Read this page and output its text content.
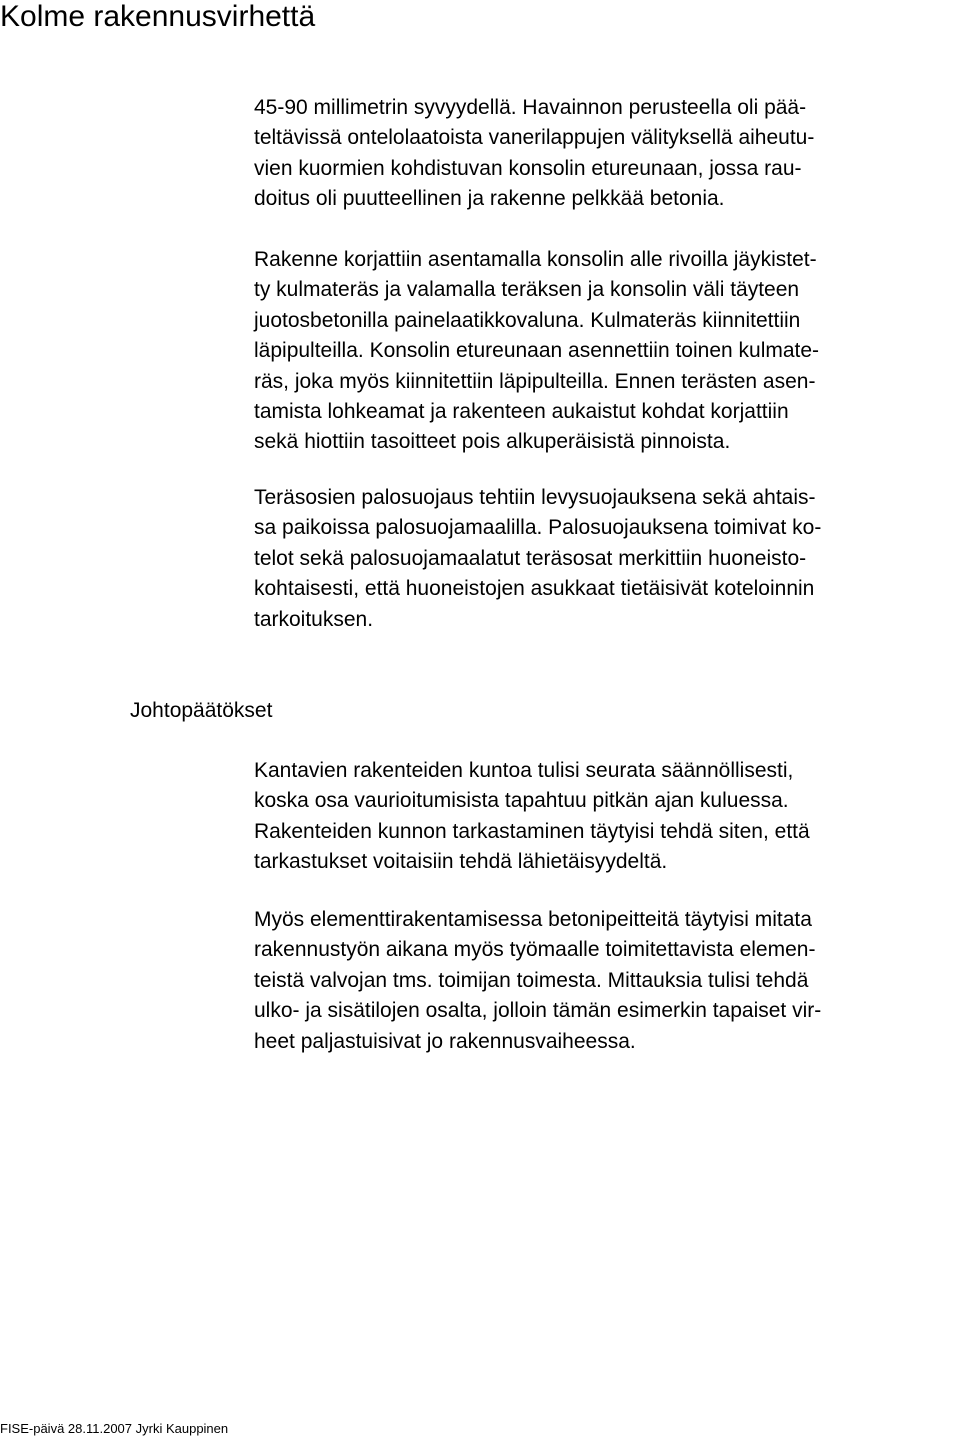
Kolme rakennusvirhettä

45-90 millimetrin syvyydellä. Havainnon perusteella oli pää-
teltävissä ontelolaatoista vanerilappujen välityksellä aiheutu-
vien kuormien kohdistuvan konsolin etureunaan, jossa rau-
doitus oli puutteellinen ja rakenne pelkkää betonia.

Rakenne korjattiin asentamalla konsolin alle rivoilla jäykistet-
ty kulmateräs ja valamalla teräksen ja konsolin väli täyteen
juotosbetonilla painelaatikkovaluna. Kulmateräs kiinnitettiin
läpipulteilla. Konsolin etureunaan asennettiin toinen kulmate-
räs, joka myös kiinnitettiin läpipulteilla. Ennen terästen asen-
tamista lohkeamat ja rakenteen aukaistut kohdat korjattiin
sekä hiottiin tasoitteet pois alkuperäisistä pinnoista.

Teräsosien palosuojaus tehtiin levysuojauksena sekä ahtais-
sa paikoissa palosuojamaalilla. Palosuojauksena toimivat ko-
telot sekä palosuojamaalatut teräsosat merkittiin huoneisto-
kohtaisesti, että huoneistojen asukkaat tietäisivät koteloinnin
tarkoituksen.

Johtopäätökset

Kantavien rakenteiden kuntoa tulisi seurata säännöllisesti,
koska osa vaurioitumisista tapahtuu pitkän ajan kuluessa.
Rakenteiden kunnon tarkastaminen täytyisi tehdä siten, että
tarkastukset voitaisiin tehdä lähietäisyydeltä.

Myös elementtirakentamisessa betonipeitteitä täytyisi mitata
rakennustyön aikana myös työmaalle toimitettavista elemen-
teistä valvojan tms. toimijan toimesta. Mittauksia tulisi tehdä
ulko- ja sisätilojen osalta, jolloin tämän esimerkin tapaiset vir-
heet paljastuisivat jo rakennusvaiheessa.

FISE-päivä 28.11.2007 Jyrki Kauppinen
